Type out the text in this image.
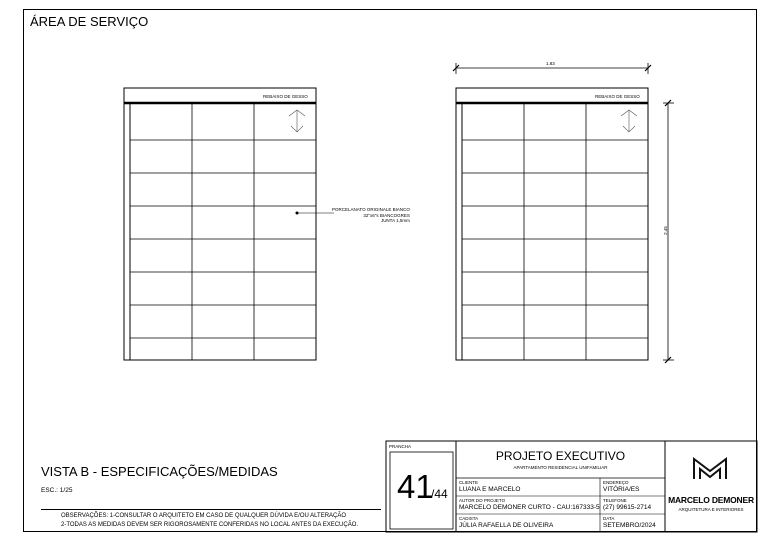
ÁREA DE SERVIÇO
REBAIXO DE GESSO	REBAIXO DE GESSO
1.83
2.45
PORCELANATO ORIGINALE BIANCO
32"x6"s BIANCOGRES
JUNTA 1,5mm
VISTA B - ESPECIFICAÇÕES/MEDIDAS
ESC.: 1/25
OBSERVAÇÕES: 1-CONSULTAR O ARQUITETO EM CASO DE QUALQUER DÚVIDA E/OU ALTERAÇÃO
2-TODAS AS MEDIDAS DEVEM SER RIGOROSAMENTE CONFERIDAS NO LOCAL ANTES DA EXECUÇÃO.
PRANCHA
41
/44
PROJETO EXECUTIVO
APARTAMENTO RESIDENCIAL UNIFAMILIAR
CLIENTE
LUANA E MARCELO
ENDEREÇO
VITÓRIA/ES
AUTOR DO PROJETO
MARCELO DEMONER CURTO - CAU:167333-5
TELEFONE
(27) 99615-2714
CADISTA
JÚLIA RAFAELLA DE OLIVEIRA
DATA
SETEMBRO/2024
MARCELO DEMONER
ARQUITETURA E INTERIORES
